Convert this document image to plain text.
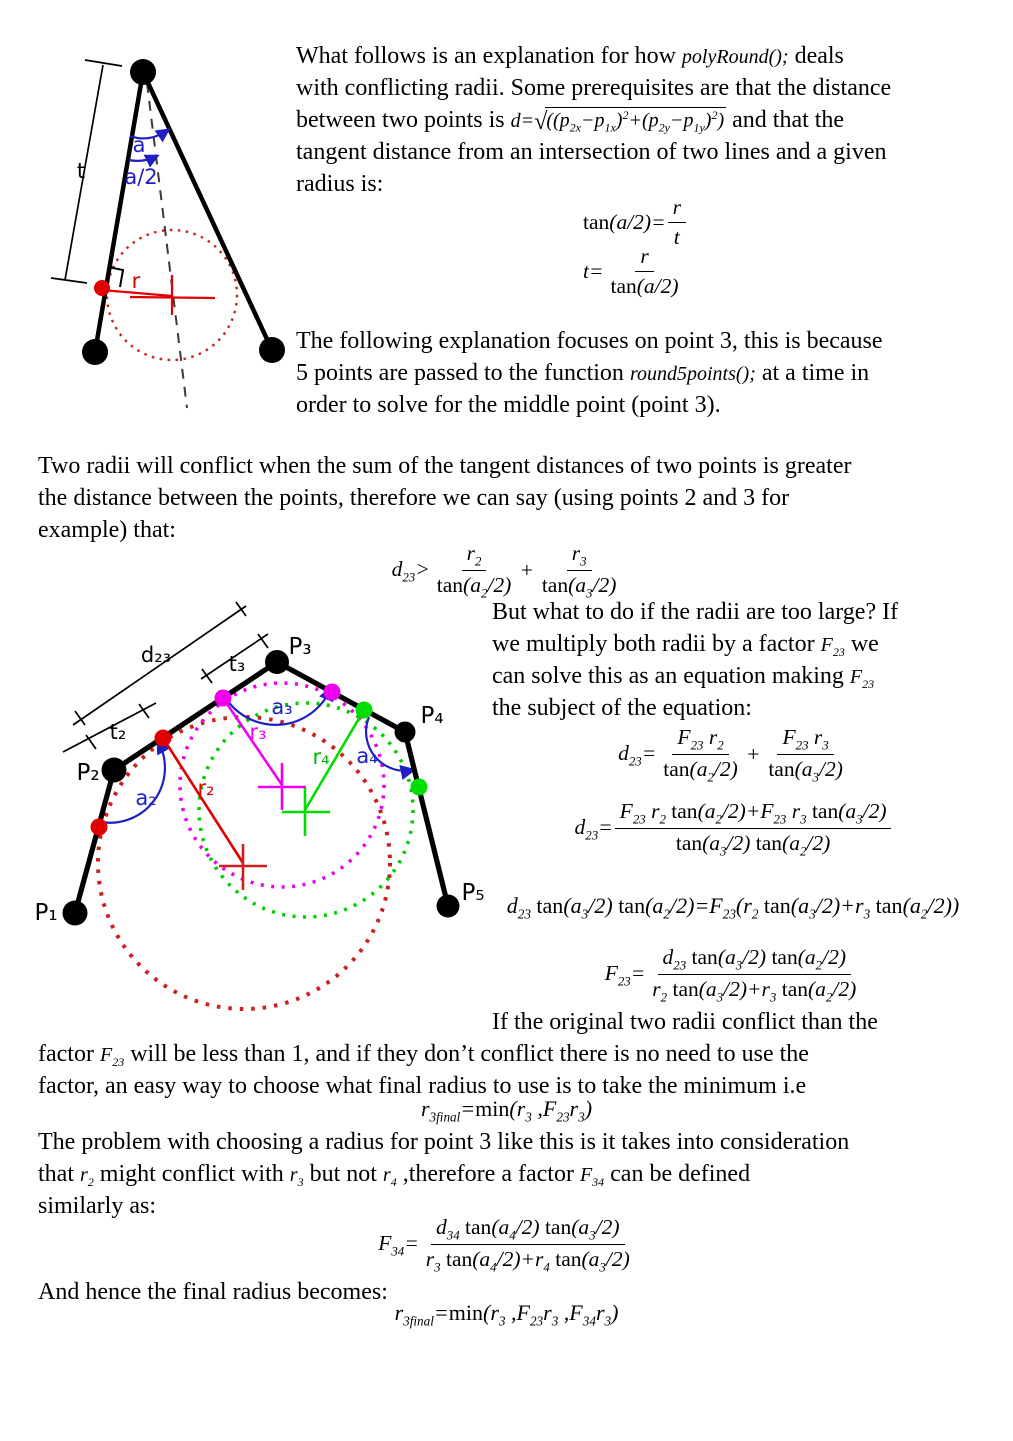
t
a
a/2
r
What follows is an explanation for how polyRound(); deals
with conflicting radii. Some prerequisites are that the distance
between two points is $d=√((p_{2x}-p_{1x})^2+(p_{2y}-p_{1y})^2)$ and that the
tangent distance from an intersection of two lines and a given
radius is:
$\tan(a/2)= \frac{r}{t}$
$t= \frac{r}{\tan(a/2)}$
The following explanation focuses on point 3, this is because
5 points are passed to the function round5points(); at a time in
order to solve for the middle point (point 3).
Two radii will conflict when the sum of the tangent distances of two points is greater
the distance between the points, therefore we can say (using points 2 and 3 for
example) that:
$d_{23}> \frac{r_2}{\tan(a_2/2)} + \frac{r_3}{\tan(a_3/2)}$
P₁
P₂
P₃
P₄
P₅
d₂₃
t₂
t₃
a₂
a₃
a₄
r₂
r₃
r₄
But what to do if the radii are too large? If
we multiply both radii by a factor $F_{23}$ we
can solve this as an equation making $F_{23}$
the subject of the equation:
$d_{23}= \frac{F_{23} r_2}{\tan(a_2/2)} + \frac{F_{23} r_3}{\tan(a_3/2)}$
$d_{23}= \frac{F_{23} r_2 \tan(a_2/2)+F_{23} r_3 \tan(a_3/2)}{\tan(a_3/2) \tan(a_2/2)}$
$d_{23}$ $\tan(a_3/2)$ $\tan(a_2/2)=F_{23}(r_2$ $\tan(a_3/2)+r_3$ $\tan(a_2/2)$)
$F_{23}= \frac{d_{23} \tan(a_3/2) \tan(a_2/2)}{r_2 \tan(a_3/2)+r_3 \tan(a_2/2)}$
If the original two radii conflict than the
factor $F_{23}$ will be less than 1, and if they don’t conflict there is no need to use the
factor, an easy way to choose what final radius to use is to take the minimum i.e
$r_{3final}=\min(r_3$ $,F_{23}r_3$)
The problem with choosing a radius for point 3 like this is it takes into consideration
that $r_2$ might conflict with $r_3$ but not $r_4$ ,therefore a factor $F_{34}$ can be defined
similarly as:
$F_{34}= \frac{d_{34} \tan(a_4/2) \tan(a_3/2)}{r_3 \tan(a_4/2)+r_4 \tan(a_3/2)}$
And hence the final radius becomes:
$r_{3final}=\min(r_3$ $,F_{23}r_3$ $,F_{34}r_3$)
